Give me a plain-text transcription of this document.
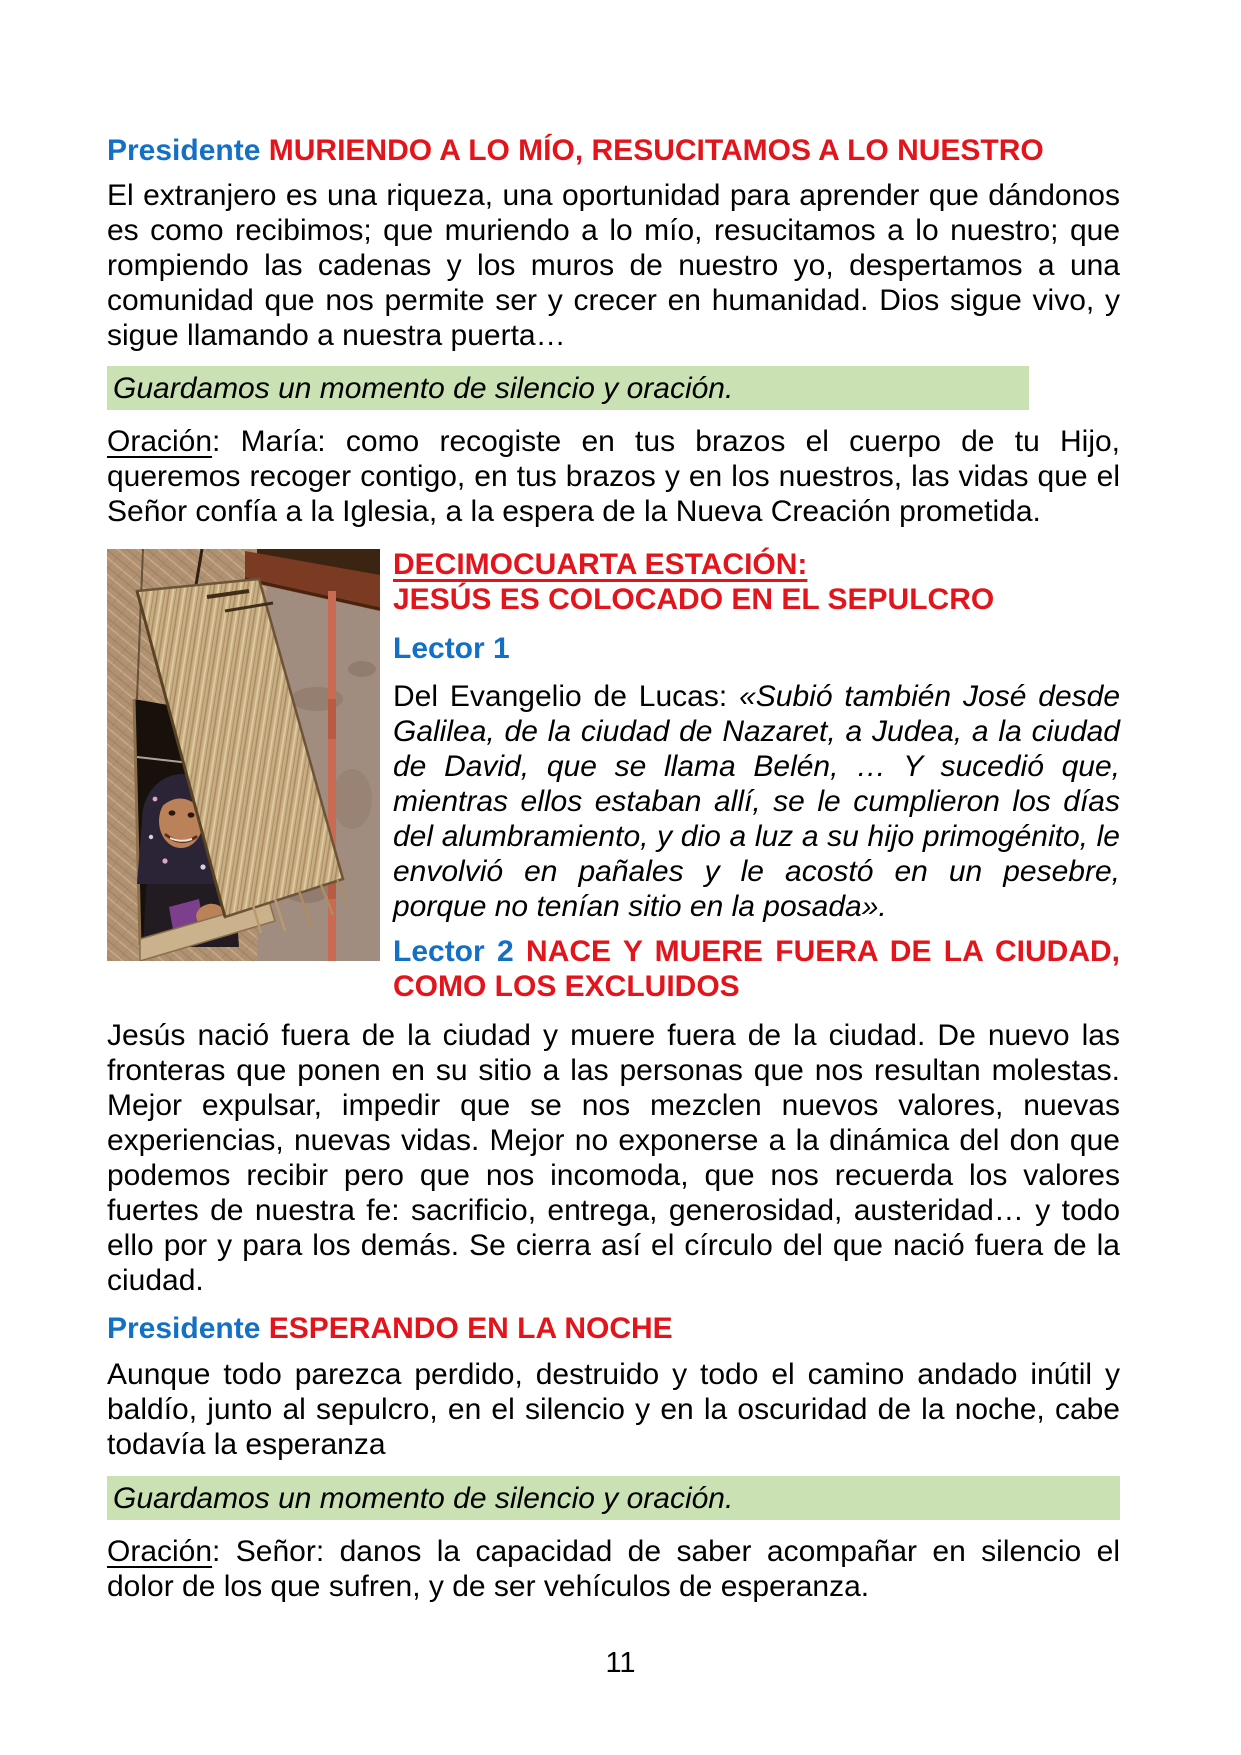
Presidente MURIENDO A LO MÍO, RESUCITAMOS A LO NUESTRO

El extranjero es una riqueza, una oportunidad para aprender que dándonos es como recibimos; que muriendo a lo mío, resucitamos a lo nuestro; que rompiendo las cadenas y los muros de nuestro yo, despertamos a una comunidad que nos permite ser y crecer en humanidad. Dios sigue vivo, y sigue llamando a nuestra puerta…

Guardamos un momento de silencio y oración.

Oración: María: como recogiste en tus brazos el cuerpo de tu Hijo, queremos recoger contigo, en tus brazos y en los nuestros, las vidas que el Señor confía a la Iglesia, a la espera de la Nueva Creación prometida.

DECIMOCUARTA ESTACIÓN:
JESÚS ES COLOCADO EN EL SEPULCRO

Lector 1

Del Evangelio de Lucas: «Subió también José desde Galilea, de la ciudad de Nazaret, a Judea, a la ciudad de David, que se llama Belén, … Y sucedió que, mientras ellos estaban allí, se le cumplieron los días del alumbramiento, y dio a luz a su hijo primogénito, le envolvió en pañales y le acostó en un pesebre, porque no tenían sitio en la posada».

Lector 2 NACE Y MUERE FUERA DE LA CIUDAD, COMO LOS EXCLUIDOS

Jesús nació fuera de la ciudad y muere fuera de la ciudad. De nuevo las fronteras que ponen en su sitio a las personas que nos resultan molestas. Mejor expulsar, impedir que se nos mezclen nuevos valores, nuevas experiencias, nuevas vidas. Mejor no exponerse a la dinámica del don que podemos recibir pero que nos incomoda, que nos recuerda los valores fuertes de nuestra fe: sacrificio, entrega, generosidad, austeridad… y todo ello por y para los demás. Se cierra así el círculo del que nació fuera de la ciudad.

Presidente ESPERANDO EN LA NOCHE

Aunque todo parezca perdido, destruido y todo el camino andado inútil y baldío, junto al sepulcro, en el silencio y en la oscuridad de la noche, cabe todavía la esperanza

Guardamos un momento de silencio y oración.

Oración: Señor: danos la capacidad de saber acompañar en silencio el dolor de los que sufren, y de ser vehículos de esperanza.

11
